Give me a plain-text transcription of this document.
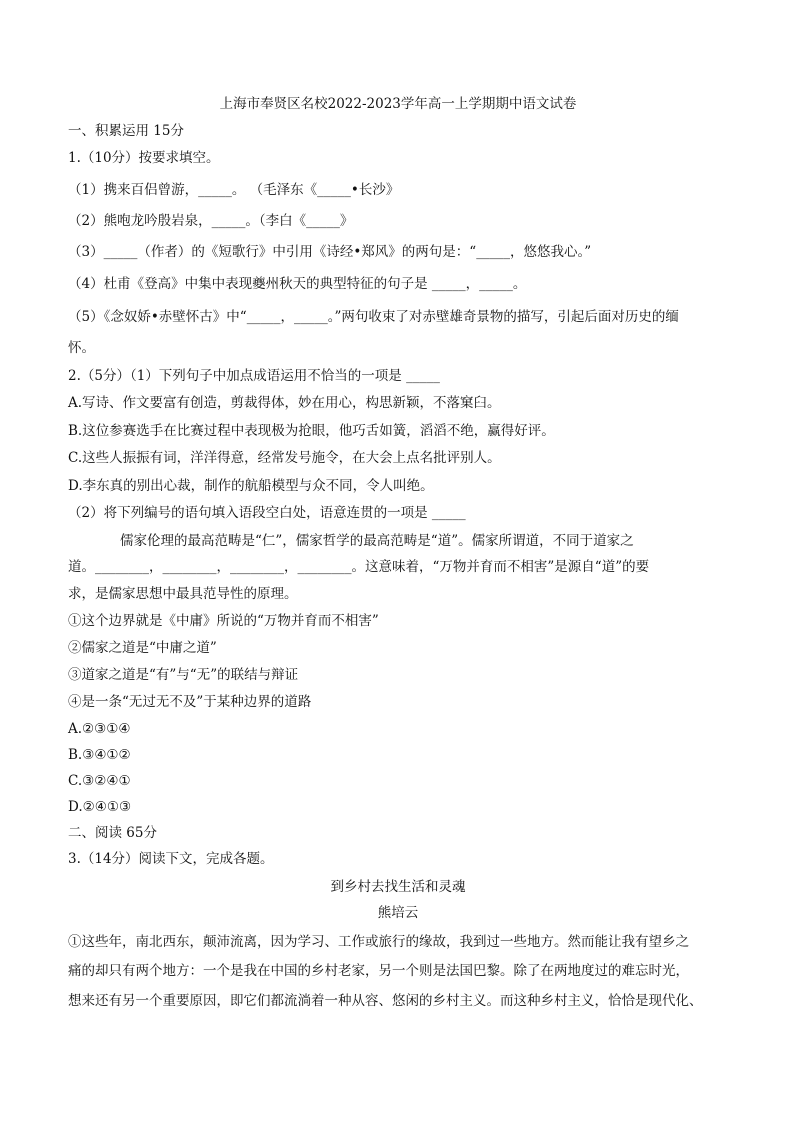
上海市奉贤区名校2022-2023学年高一上学期期中语文试卷
一、积累运用 15分
1.（10分）按要求填空。
（1）携来百侣曾游，_____。 （毛泽东《_____•长沙》
（2）熊咆龙吟殷岩泉，_____。（李白《_____》
（3）_____（作者）的《短歌行》中引用《诗经•郑风》的两句是：“_____，悠悠我心。”
（4）杜甫《登高》中集中表现夔州秋天的典型特征的句子是 _____，_____。
（5）《念奴娇•赤壁怀古》中“_____，_____。”两句收束了对赤壁雄奇景物的描写，引起后面对历史的缅
怀。
2.（5分）（1）下列句子中加点成语运用不恰当的一项是 _____
A.写诗、作文要富有创造，剪裁得体，妙在用心，构思新颖，不落窠臼。
B.这位参赛选手在比赛过程中表现极为抢眼，他巧舌如簧，滔滔不绝，赢得好评。
C.这些人振振有词，洋洋得意，经常发号施令，在大会上点名批评别人。
D.李东真的别出心裁，制作的航船模型与众不同，令人叫绝。
（2）将下列编号的语句填入语段空白处，语意连贯的一项是 _____
儒家伦理的最高范畴是“仁”，儒家哲学的最高范畴是“道”。儒家所谓道，不同于道家之
道。________，________，________，________。这意味着，“万物并育而不相害”是源自“道”的要
求，是儒家思想中最具范导性的原理。
①这个边界就是《中庸》所说的“万物并育而不相害”
②儒家之道是“中庸之道”
③道家之道是“有”与“无”的联结与辩证
④是一条“无过无不及”于某种边界的道路
A.②③①④
B.③④①②
C.③②④①
D.②④①③
二、阅读 65分
3.（14分）阅读下文，完成各题。
到乡村去找生活和灵魂
熊培云
①这些年，南北西东，颠沛流离，因为学习、工作或旅行的缘故，我到过一些地方。然而能让我有望乡之
痛的却只有两个地方：一个是我在中国的乡村老家，另一个则是法国巴黎。除了在两地度过的难忘时光，
想来还有另一个重要原因，即它们都流淌着一种从容、悠闲的乡村主义。而这种乡村主义，恰恰是现代化、
